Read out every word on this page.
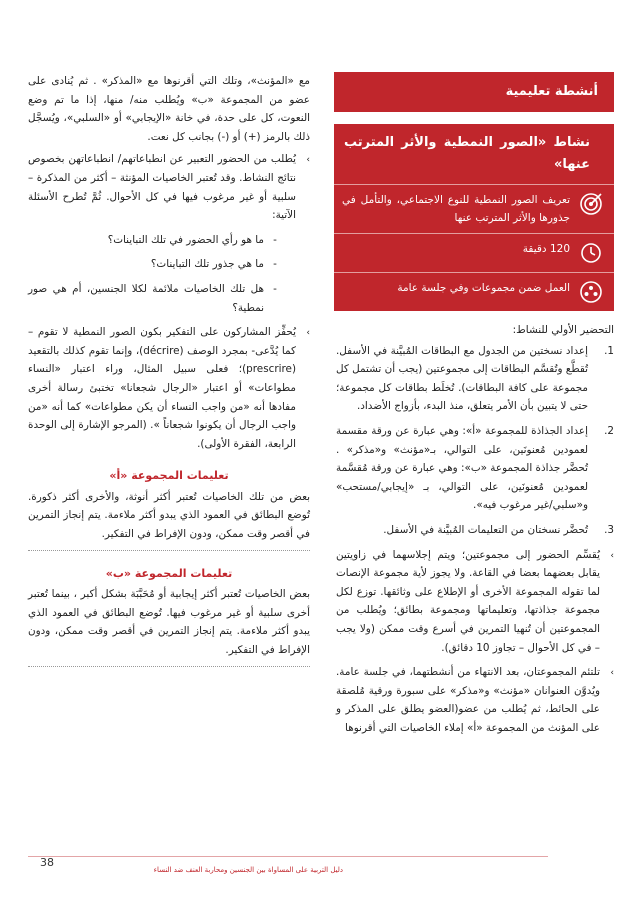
أنشطة تعليمية
نشاط «الصور النمطية والأثر المترتب عنها»
تعريف الصور النمطية للنوع الاجتماعي، والتأمل في جذورها والأثر المترتب عنها
120 دقيقة
العمل ضمن مجموعات وفي جلسة عامة
التحضير الأولي للنشاط:
1.
إعداد نسختين من الجدول مع البطاقات المُبيَّنة في الأسفل. تُقطَّع وتُقسَّم البطاقات إلى مجموعتين (يجب أن تشتمل كل مجموعة على كافة البطاقات). تُخلَط بطاقات كل مجموعة؛ حتى لا يتبين بأن الأمر يتعلق، منذ البدء، بأزواج الأضداد.
2.
إعداد الجذاذة للمجموعة «أ»: وهي عبارة عن ورقة مقسمة لعمودين مُعنونَين، على التوالي، بـ«مؤنث» و«مذكر» . تُحضَّر جذاذة المجموعة «ب»: وهي عبارة عن ورقة مُقسَّمة لعمودين مُعنونَين، على التوالي، بـ «إيجابي/مستحب» و«سلبي/غير مرغوب فيه».
3.
تُحضَّر نسختان من التعليمات المُبيَّنة في الأسفل.
›
يُقسِّم الحضور إلى مجموعتين؛ ويتم إجلاسهما في زاويتين يقابل بعضهما بعضا في القاعة. ولا يجوز لأية مجموعة الإنصات لما تقوله المجموعة الأخرى أو الإطلاع على وثائقها. توزع لكل مجموعة جذاذتها، وتعليماتها ومجموعة بطائق؛ ويُطلب من المجموعتين أن تُنهيا التمرين في أسرع وقت ممكن (ولا يجب – في كل الأحوال – تجاوز 10 دقائق).
›
تلتئم المجموعتان، بعد الانتهاء من أنشطتهما، في جلسة عامة. ويُدوَّن العنوانان «مؤنث» و«مذكر» على سبورة ورقية مُلصقة على الحائط، ثم يُطلب من عضو(العضو يطلق على المذكر و على المؤنث من المجموعة «أ» إملاء الخاصيات التي أقرنوها
مع «المؤنث»، وتلك التي أقرنوها مع «المذكر» . ثم يُنادى على عضو من المجموعة «ب» ويُطلب منه/ منها، إذا ما تم وضع النعوت، كل على حدة، في خانة «الإيجابي» أو «السلبي»، ويُسجَّل ذلك بالرمز (+) أو (-) بجانب كل نعت.
›
يُطلب من الحضور التعبير عن انطباعاتهم/ انطباعاتهن بخصوص نتائج النشاط. وقد تُعتبر الخاصيات المؤنثة – أكثر من المذكرة – سلبية أو غير مرغوب فيها في كل الأحوال. ثُمَّ تُطرح الأسئلة الآتية:
-
ما هو رأي الحضور في تلك التباينات؟
-
ما هي جذور تلك التباينات؟
-
هل تلك الخاصيات ملائمة لكلا الجنسين، أم هي صور نمطية؟
›
يُحفِّز المشاركون على التفكير بكون الصور النمطية لا تقوم – كما يُدَّعى- بمجرد الوصف (décrire)، وإنما تقوم كذلك بالتقعيد (prescrire)؛ فعلى سبيل المثال، وراء اعتبار «النساء مطواعات» أو اعتبار «الرجال شجعانا» تختبئ رسالة أخرى مفادها أنه «من واجب النساء أن يكن مطواعات» كما أنه «من واجب الرجال أن يكونوا شجعاناً ». (المرجو الإشارة إلى الوحدة الرابعة، الفقرة الأولى).
تعليمات المجموعة «أ»
بعض من تلك الخاصيات تُعتبر أكثر أنوثة، والأخرى أكثر ذكورة. تُوضع البطائق في العمود الذي يبدو أكثر ملاءمة. يتم إنجاز التمرين في أقصر وقت ممكن، ودون الإفراط في التفكير.
تعليمات المجموعة «ب»
بعض الخاصيات تُعتبر أكثر إيجابية أو مُحَبَّبَة بشكل أكبر ، بينما تُعتبر أخرى سلبية أو غير مرغوب فيها. تُوضع البطائق في العمود الذي يبدو أكثر ملاءمة. يتم إنجاز التمرين في أقصر وقت ممكن، ودون الإفراط في التفكير.
38
دليل التربية على المساواة بين الجنسين ومحاربة العنف ضد النساء
